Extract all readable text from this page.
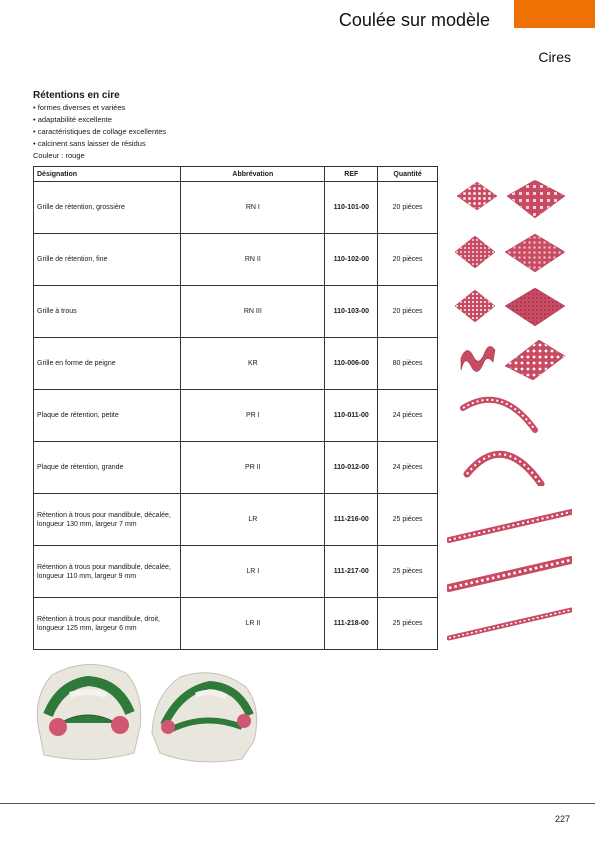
Coulée sur modèle
Cires
Rétentions en cire
• formes diverses et variées
• adaptabilité excellente
• caractéristiques de collage excellentes
• calcinent sans laisser de résidus
Couleur : rouge
Désignation	Abbrévation	REF	Quantité
Grille de rétention, grossière	RN I	110-101-00	20 pièces
Grille de rétention, fine	RN II	110-102-00	20 pièces
Grille à trous	RN III	110-103-00	20 pièces
Grille en forme de peigne	KR	110-006-00	80 pièces
Plaque de rétention, petite	PR I	110-011-00	24 pièces
Plaque de rétention, grande	PR II	110-012-00	24 pièces
Rétention à trous pour mandibule, décalée, longueur 130 mm, largeur 7 mm	LR	111-216-00	25 pièces
Rétention à trous pour mandibule, décalée, longueur 110 mm, largeur 9 mm	LR I	111-217-00	25 pièces
Rétention à trous pour mandibule, droit, longueur 125 mm, largeur 6 mm	LR II	111-218-00	25 pièces
227
